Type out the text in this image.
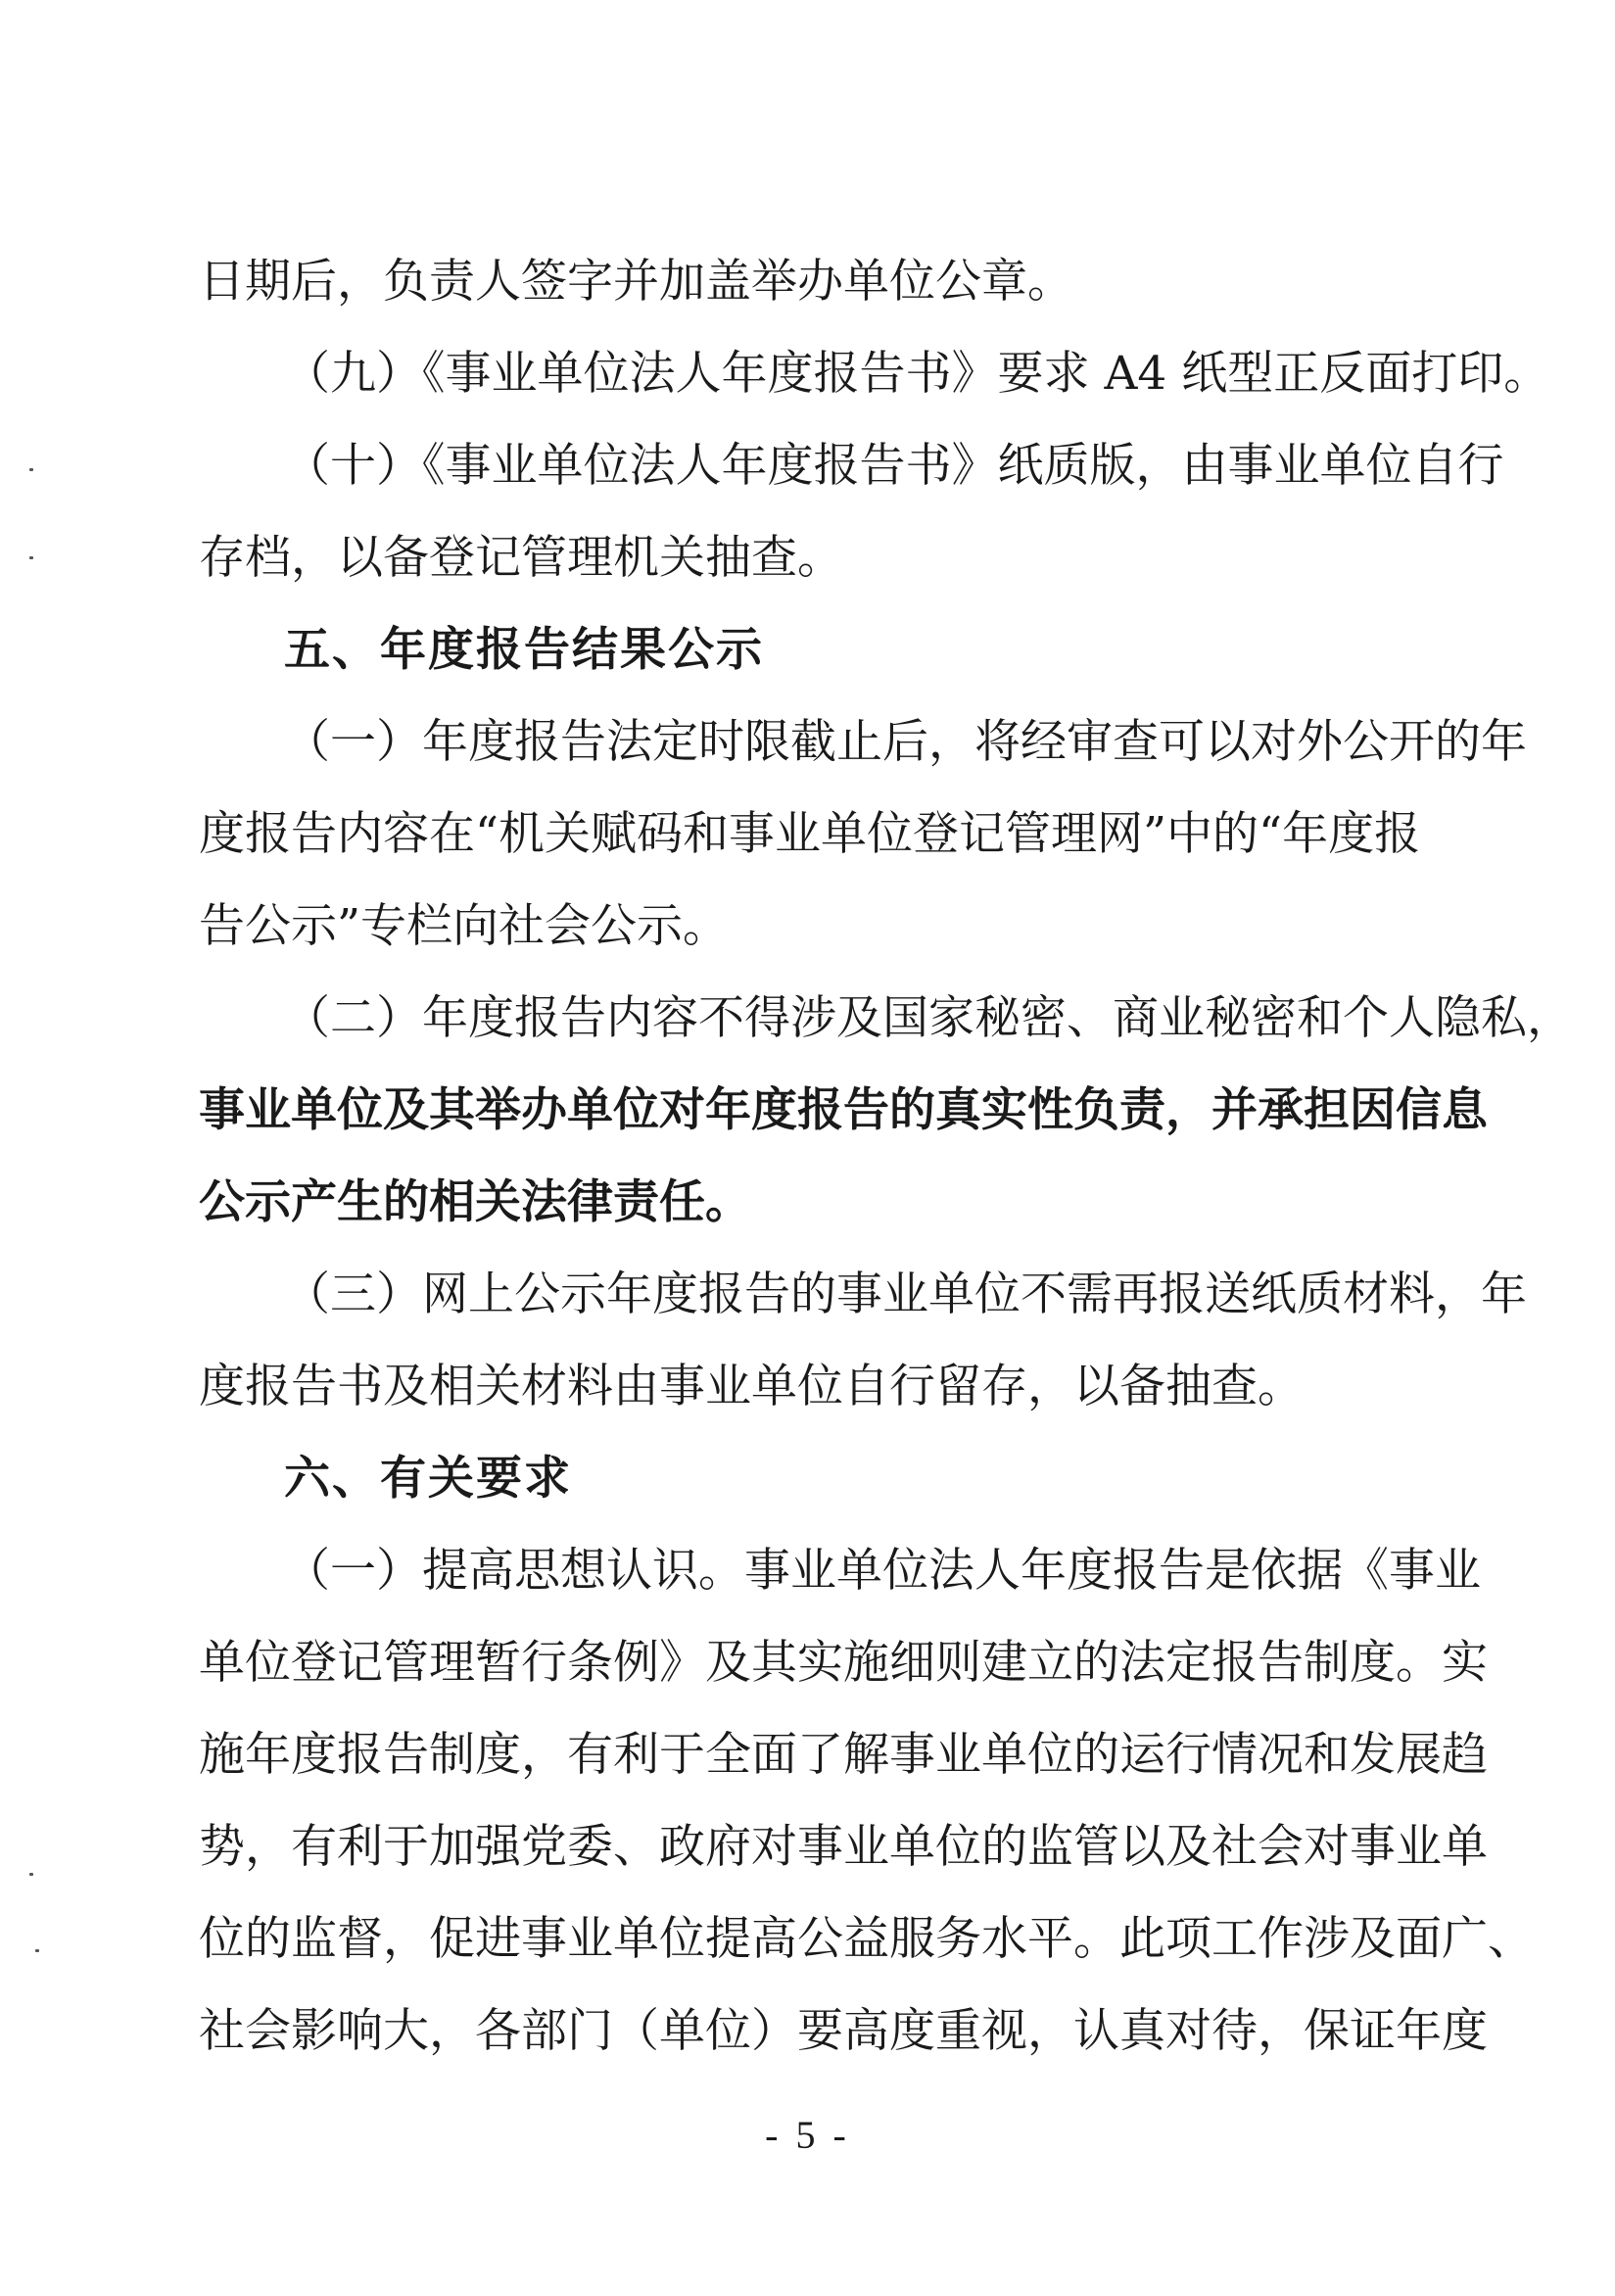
日期后，负责人签字并加盖举办单位公章。
（九）《事业单位法人年度报告书》要求 A4 纸型正反面打印。
（十）《事业单位法人年度报告书》纸质版，由事业单位自行
存档，以备登记管理机关抽查。
五、年度报告结果公示
（一）年度报告法定时限截止后，将经审查可以对外公开的年
度报告内容在“机关赋码和事业单位登记管理网”中的“年度报
告公示”专栏向社会公示。
（二）年度报告内容不得涉及国家秘密、商业秘密和个人隐私，
事业单位及其举办单位对年度报告的真实性负责，并承担因信息
公示产生的相关法律责任。
（三）网上公示年度报告的事业单位不需再报送纸质材料，年
度报告书及相关材料由事业单位自行留存，以备抽查。
六、有关要求
（一）提高思想认识。事业单位法人年度报告是依据《事业
单位登记管理暂行条例》及其实施细则建立的法定报告制度。实
施年度报告制度，有利于全面了解事业单位的运行情况和发展趋
势，有利于加强党委、政府对事业单位的监管以及社会对事业单
位的监督，促进事业单位提高公益服务水平。此项工作涉及面广、
社会影响大，各部门（单位）要高度重视，认真对待，保证年度
- 5 -
